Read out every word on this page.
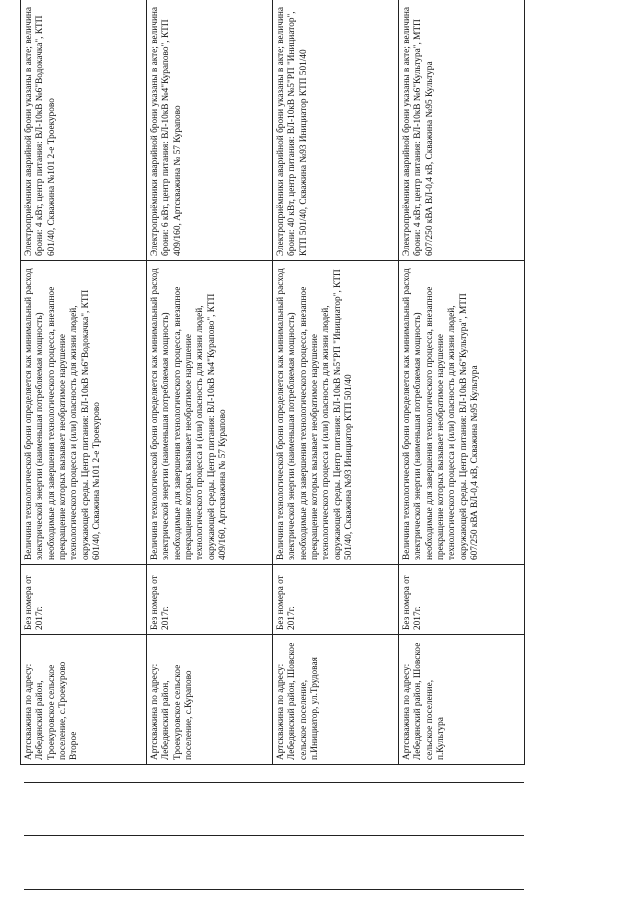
Артскважина по адресу: Лебедянский район, Троекуровское сельское поселение, с.Троекурово Второе	Без номера от 2017г.	Величина технологической брони определяется как минимальный расход электрической энергии (наименьшая потребляемая мощность) необходимые для завершения технологического процесса, внезапное прекращение которых вызывает необратимое нарушение технологического процесса и (или) опасность для жизни людей, окружающей среды. Центр питания: ВЛ-10кВ №6"Водокачка", КТП 601/40, Скважина №101 2-е Троекурово	Электроприёмники аварийной брони указаны в акте; величина брони: 4 кВт, центр питания: ВЛ-10кВ №6"Водокачка", КТП 601/40, Скважина №101 2-е Троекурово

Артскважина по адресу: Лебедянский район, Троекуровское сельское поселение, с.Курапово	Без номера от 2017г.	Величина технологической брони определяется как минимальный расход электрической энергии (наименьшая потребляемая мощность) необходимые для завершения технологического процесса, внезапное прекращение которых вызывает необратимое нарушение технологического процесса и (или) опасность для жизни людей, окружающей среды. Центр питания: ВЛ-10кВ №4"Курапово", КТП 409/160, Артскважина № 57 Курапово	Электроприёмники аварийной брони указаны в акте; величина брони: 6 кВт, центр питания: ВЛ-10кВ №4"Курапово", КТП 409/160, Артскважина № 57 Курапово

Артскважина по адресу: Лебедянский район, Шовское сельское поселение, п.Инициатор, ул.Трудовая	Без номера от 2017г.	Величина технологической брони определяется как минимальный расход электрической энергии (наименьшая потребляемая мощность) необходимые для завершения технологического процесса, внезапное прекращение которых вызывает необратимое нарушение технологического процесса и (или) опасность для жизни людей, окружающей среды. Центр питания: ВЛ-10кВ №5"РП "Инициатор", КТП 501/40, Скважина №93 Инициатор КТП 501/40	Электроприёмники аварийной брони указаны в акте; величина брони: 40 кВт, центр питания: ВЛ-10кВ №5"РП "Инициатор", КТП 501/40, Скважина №93 Инициатор КТП 501/40

Артскважина по адресу: Лебедянский район, Шовское сельское поселение, п.Культура	Без номера от 2017г.	Величина технологической брони определяется как минимальный расход электрической энергии (наименьшая потребляемая мощность) необходимые для завершения технологического процесса, внезапное прекращение которых вызывает необратимое нарушение технологического процесса и (или) опасность для жизни людей, окружающей среды. Центр питания: ВЛ-10кВ №6"Культура", МТП 607/250 кВА ВЛ-0,4 кВ, Скважина №95 Культура	Электроприёмники аварийной брони указаны в акте; величина брони: 4 кВт, центр питания: ВЛ-10кВ №6"Культура", МТП 607/250 кВА ВЛ-0,4 кВ, Скважина №95 Культура
